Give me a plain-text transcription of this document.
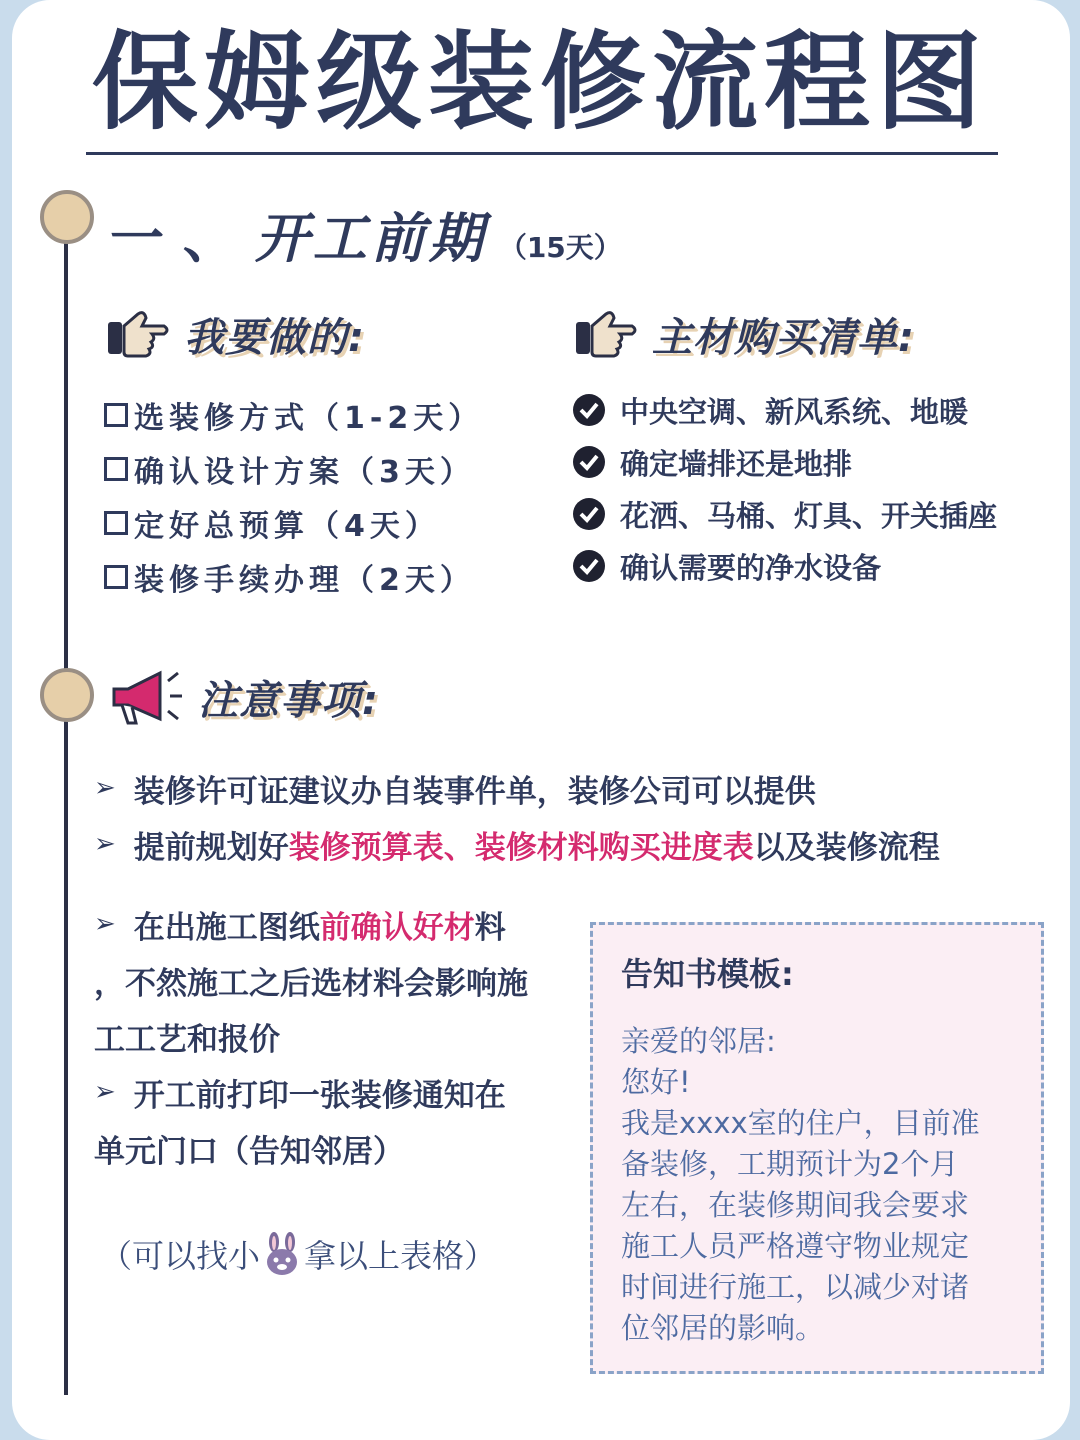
保姆级装修流程图
一 、 开工前期 （15天）
我要做的:	主材购买清单:
选装修方式（1-2天）
确认设计方案（3天）
定好总预算（4天）
装修手续办理（2天）
中央空调、新风系统、地暖
确定墙排还是地排
花洒、马桶、灯具、开关插座
确认需要的净水设备
注意事项:
➢ 装修许可证建议办自装事件单，装修公司可以提供
➢ 提前规划好 装修预算表、装修材料购买进度表 以及装修流程
➢ 在出施工图纸 前确认好材 料
，不然施工之后选材料会影响施
工工艺和报价
➢ 开工前打印一张装修通知在
单元门口（告知邻居）
（可以找小 拿以上表格）
告知书模板:
亲爱的邻居:
您好!
我是xxxx室的住户，目前准
备装修，工期预计为2个月
左右，在装修期间我会要求
施工人员严格遵守物业规定
时间进行施工，以减少对诸
位邻居的影响。
